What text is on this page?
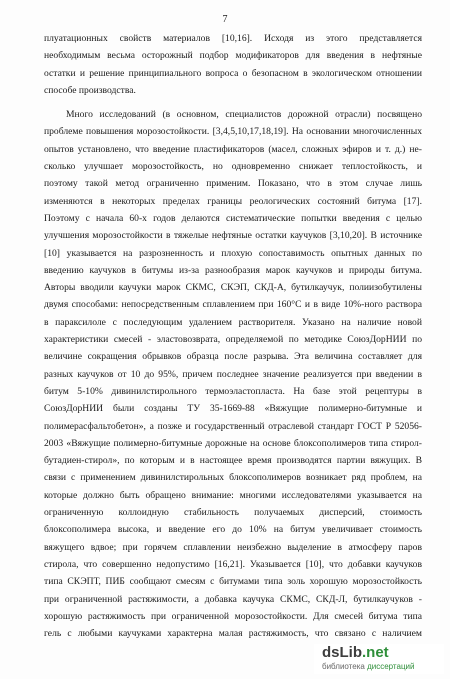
7
плуатационных свойств материалов [10,16]. Исходя из этого представляется
необходимым весьма осторожный подбор модификаторов для введения в нефтяные
остатки и решение принципиального вопроса о безопасном в экологическом отношении
способе производства.
Много исследований (в основном, специалистов дорожной отрасли) посвящено
проблеме повышения морозостойкости. [3,4,5,10,17,18,19]. На основании многочисленных
опытов установлено, что введение пластификаторов (масел, сложных эфиров и т. д.) не-
сколько улучшает морозостойкость, но одновременно снижает теплостойкость, и
поэтому такой метод ограниченно применим. Показано, что в этом случае лишь
изменяются в некоторых пределах границы реологических состояний битума [17].
Поэтому с начала 60-х годов делаются систематические попытки введения с целью
улучшения морозостойкости в тяжелые нефтяные остатки каучуков [3,10,20]. В источнике
[10] указывается на разрозненность и плохую сопоставимость опытных данных по
введению каучуков в битумы из-за разнообразия марок каучуков и природы битума.
Авторы вводили каучуки марок СКМС, СКЭП, СКД-А, бутилкаучук, полиизобутилены
двумя способами: непосредственным сплавлением при 160°С и в виде 10%-ного раствора
в параксилоле с последующим удалением растворителя. Указано на наличие новой
характеристики смесей - эластовозврата, определяемой по методике СоюзДорНИИ по
величине сокращения обрывков образца после разрыва. Эта величина составляет для
разных каучуков от 10 до 95%, причем последнее значение реализуется при введении в
битум 5-10% дивинилстирольного термоэластопласта. На базе этой рецептуры в
СоюзДорНИИ были созданы ТУ 35-1669-88 «Вяжущие полимерно-битумные и
полимерасфальтобетон», а позже и государственный отраслевой стандарт ГОСТ Р 52056-
2003 «Вяжущие полимерно-битумные дорожные на основе блоксополимеров типа стирол-
бутадиен-стирол», по которым и в настоящее время производятся партии вяжущих. В
связи с применением дивинилстирольных блоксополимеров возникает ряд проблем, на
которые должно быть обращено внимание: многими исследователями указывается на
ограниченную коллоидную стабильность получаемых дисперсий, стоимость
блоксополимера высока, и введение его до 10% на битум увеличивает стоимость
вяжущего вдвое; при горячем сплавлении неизбежно выделение в атмосферу паров
стирола, что совершенно недопустимо [16,21]. Указывается [10], что добавки каучуков
типа СКЭПТ, ПИБ сообщают смесям с битумами типа золь хорошую морозостойкость
при ограниченной растяжимости, а добавка каучука СКМС, СКД-Л, бутилкаучуков -
хорошую растяжимость при ограниченной морозостойкости. Для смесей битума типа
гель с любыми каучуками характерна малая растяжимость, что связано с наличием
dsLib.net
библиотека диссертаций
